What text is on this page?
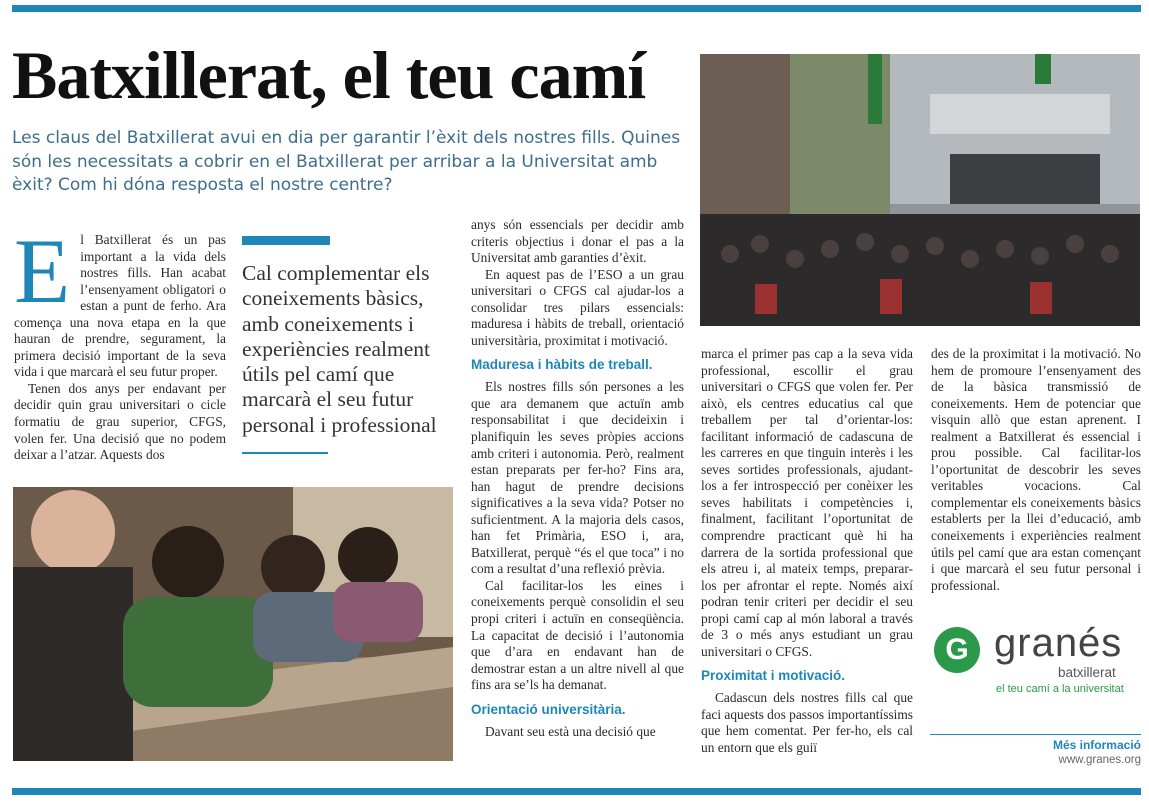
Batxillerat, el teu camí

Les claus del Batxillerat avui en dia per garantir l’èxit dels nostres fills. Quines són les necessitats a cobrir en el Batxillerat per arribar a la Universitat amb èxit? Com hi dóna resposta el nostre centre?

E l Batxillerat és un pas important a la vida dels nostres fills. Han acabat l’ensenyament obligatori o estan a punt de ferho. Ara comença una nova etapa en la que hauran de prendre, segurament, la primera decisió important de la seva vida i que marcarà el seu futur proper.

Tenen dos anys per endavant per decidir quin grau universitari o cicle formatiu de grau superior, CFGS, volen fer. Una decisió que no podem deixar a l’atzar. Aquests dos

Cal complementar els coneixements bàsics, amb coneixements i experiències realment útils pel camí que marcarà el seu futur personal i professional

anys són essencials per decidir amb criteris objectius i donar el pas a la Universitat amb garanties d’èxit.

En aquest pas de l’ESO a un grau universitari o CFGS cal ajudar-los a consolidar tres pilars essencials: maduresa i hàbits de treball, orientació universitària, proximitat i motivació.

Maduresa i hàbits de treball.

Els nostres fills són persones a les que ara demanem que actuïn amb responsabilitat i que decideixin i planifiquin les seves pròpies accions amb criteri i autonomia. Però, realment estan preparats per fer-ho? Fins ara, han hagut de prendre decisions significatives a la seva vida? Potser no suficientment. A la majoria dels casos, han fet Primària, ESO i, ara, Batxillerat, perquè “és el que toca” i no com a resultat d’una reflexió prèvia.

Cal facilitar-los les eines i coneixements perquè consolidin el seu propi criteri i actuïn en conseqüència. La capacitat de decisió i l’autonomia que d’ara en endavant han de demostrar estan a un altre nivell al que fins ara se’ls ha demanat.

Orientació universitària.

Davant seu està una decisió que

marca el primer pas cap a la seva vida professional, escollir el grau universitari o CFGS que volen fer. Per això, els centres educatius cal que treballem per tal d’orientar-los: facilitant informació de cadascuna de les carreres en que tinguin interès i les seves sortides professionals, ajudant-los a fer introspecció per conèixer les seves habilitats i competències i, finalment, facilitant l’oportunitat de comprendre practicant què hi ha darrera de la sortida professional que els atreu i, al mateix temps, preparar-los per afrontar el repte. Només així podran tenir criteri per decidir el seu propi camí cap al món laboral a través de 3 o més anys estudiant un grau universitari o CFGS.

Proximitat i motivació.

Cadascun dels nostres fills cal que faci aquests dos passos importantíssims que hem comentat. Per fer-ho, els cal un entorn que els guiï

des de la proximitat i la motivació. No hem de promoure l’ensenyament des de la bàsica transmissió de coneixements. Hem de potenciar que visquin allò que estan aprenent. I realment a Batxillerat és essencial i prou possible. Cal facilitar-los l’oportunitat de descobrir les seves veritables vocacions. Cal complementar els coneixements bàsics establerts per la llei d’educació, amb coneixements i experiències realment útils pel camí que ara estan començant i que marcarà el seu futur personal i professional.

G granés
batxillerat
el teu camí a la universitat
Més informació
www.granes.org
